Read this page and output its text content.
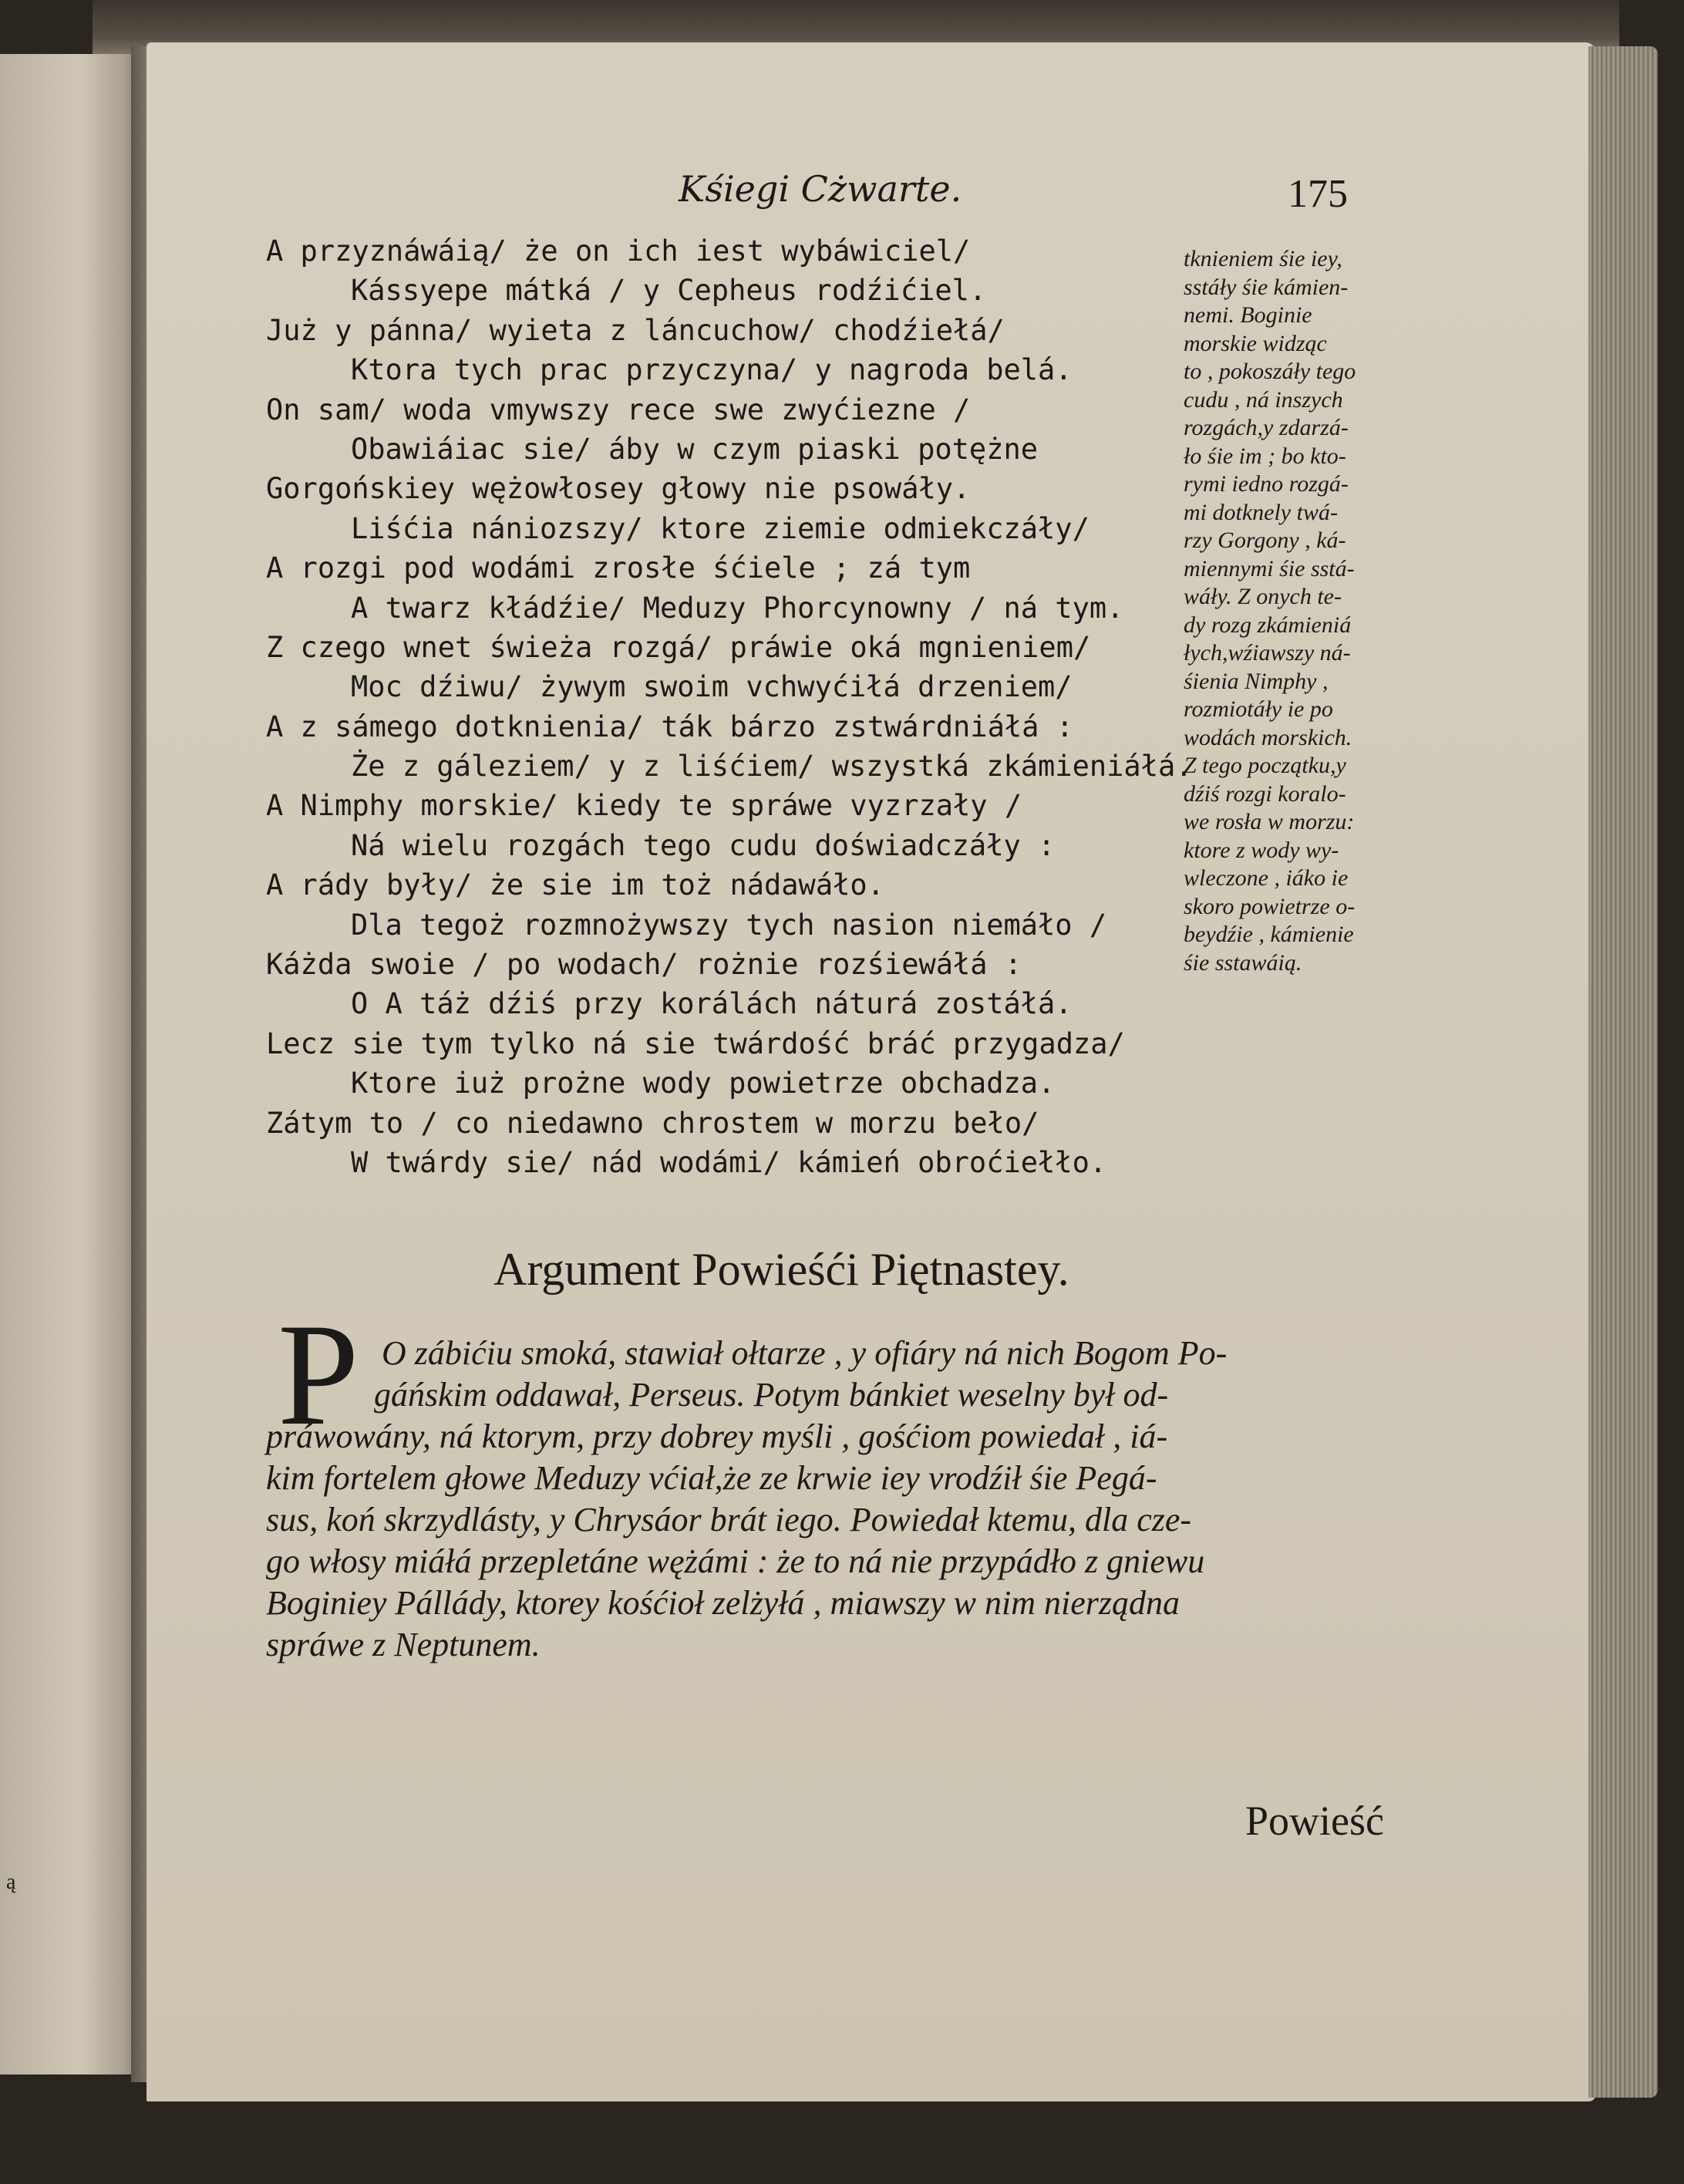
ą
Kśiegi Cżwarte.	175
A przyznáwáią/ że on ich iest wybáwiciel/
Kássyepe mátká / y Cepheus rodźićiel.
Już y pánna/ wyieta z láncuchow/ chodźiełá/
Ktora tych prac przyczyna/ y nagroda belá.
On sam/ woda vmywszy rece swe zwyćiezne /
Obawiáiac sie/ áby w czym piaski potężne
Gorgońskiey wężowłosey głowy nie psowáły.
Liśćia nániozszy/ ktore ziemie odmiekczáły/
A rozgi pod wodámi zrosłe śćiele ; zá tym
A twarz kłádźie/ Meduzy Phorcynowny / ná tym.
Z czego wnet świeża rozgá/ práwie oká mgnieniem/
Moc dźiwu/ żywym swoim vchwyćiłá drzeniem/
A z sámego dotknienia/ ták bárzo zstwárdniáłá :
Że z gáleziem/ y z liśćiem/ wszystká zkámieniáłá.
A Nimphy morskie/ kiedy te spráwe vyzrzały /
Ná wielu rozgách tego cudu doświadczáły :
A rády były/ że sie im toż nádawáło.
Dla tegoż rozmnożywszy tych nasion niemáło /
Káżda swoie / po wodach/ rożnie rozśiewáłá :
O A táż dźiś przy korálách náturá zostáłá.
Lecz sie tym tylko ná sie twárdość bráć przygadza/
Ktore iuż prożne wody powietrze obchadza.
Zátym to / co niedawno chrostem w morzu beło/
W twárdy sie/ nád wodámi/ kámień obroćiełło.
tknieniem śie iey,
sstáły śie kámien-
nemi. Boginie
morskie widząc
to , pokoszáły tego
cudu , ná inszych
rozgách,y zdarzá-
ło śie im ; bo kto-
rymi iedno rozgá-
mi dotknely twá-
rzy Gorgony , ká-
miennymi śie sstá-
wáły. Z onych te-
dy rozg zkámieniá
łych,wźiawszy ná-
śienia Nimphy ,
rozmiotáły ie po
wodách morskich.
Z tego początku,y
dźiś rozgi koralo-
we rosła w morzu:
ktore z wody wy-
wleczone , iáko ie
skoro powietrze o-
beydźie , kámienie
śie sstawáią.
Argument Powieśći Piętnastey.
P O zábićiu smoká, stawiał ołtarze , y ofiáry ná nich Bogom Po-
gáńskim oddawał, Perseus. Potym bánkiet weselny był od-
práwowány, ná ktorym, przy dobrey myśli , gośćiom powiedał , iá-
kim fortelem głowe Meduzy vćiał,że ze krwie iey vrodźił śie Pegá-
sus, koń skrzydlásty, y Chrysáor brát iego. Powiedał ktemu, dla cze-
go włosy miáłá przepletáne wężámi : że to ná nie przypádło z gniewu
Boginiey Pállády, ktorey kośćioł zelżyłá , miawszy w nim nierządna
spráwe z Neptunem.
Powieść
